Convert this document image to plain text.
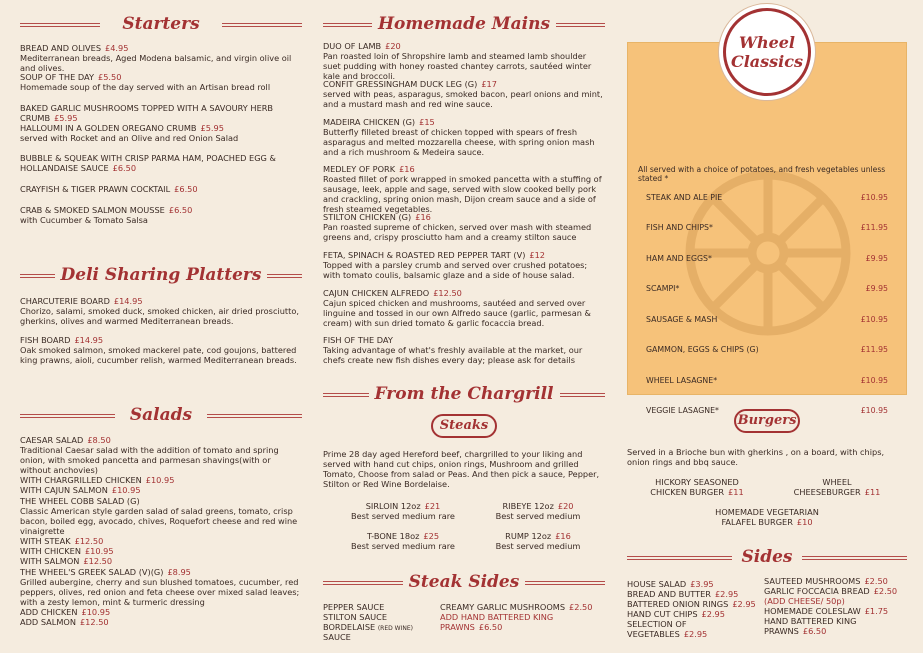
Starters
BREAD AND OLIVES £4.95
Mediterranean breads, Aged Modena balsamic, and virgin olive oil and olives.
SOUP OF THE DAY £5.50
Homemade soup of the day served with an Artisan bread roll
BAKED GARLIC MUSHROOMS TOPPED WITH A SAVOURY HERB CRUMB £5.95
HALLOUMI IN A GOLDEN OREGANO CRUMB £5.95
served with Rocket and an Olive and red Onion Salad
BUBBLE & SQUEAK WITH CRISP PARMA HAM, POACHED EGG & HOLLANDAISE SAUCE £6.50
CRAYFISH & TIGER PRAWN COCKTAIL £6.50
CRAB & SMOKED SALMON MOUSSE £6.50
with Cucumber & Tomato Salsa
Deli Sharing Platters
CHARCUTERIE BOARD £14.95
Chorizo, salami, smoked duck, smoked chicken, air dried prosciutto, gherkins, olives and warmed Mediterranean breads.
FISH BOARD £14.95
Oak smoked salmon, smoked mackerel pate, cod goujons, battered king prawns, aioli, cucumber relish, warmed Mediterranean breads.
Salads
CAESAR SALAD £8.50
Traditional Caesar salad with the addition of tomato and spring onion, with smoked pancetta and parmesan shavings(with or without anchovies)
WITH CHARGRILLED CHICKEN £10.95
WITH CAJUN SALMON £10.95
THE WHEEL COBB SALAD (G)
Classic American style garden salad of salad greens, tomato, crisp bacon, boiled egg, avocado, chives, Roquefort cheese and red wine vinaigrette
WITH STEAK £12.50
WITH CHICKEN £10.95
WITH SALMON £12.50
THE WHEEL'S GREEK SALAD (V)(G) £8.95
Grilled aubergine, cherry and sun blushed tomatoes, cucumber, red peppers, olives, red onion and feta cheese over mixed salad leaves; with a zesty lemon, mint & turmeric dressing
ADD CHICKEN £10.95
ADD SALMON £12.50
Homemade Mains
DUO OF LAMB £20
Pan roasted loin of Shropshire lamb and steamed lamb shoulder suet pudding with honey roasted chantey carrots, sautéed winter kale and broccoli.
CONFIT GRESSINGHAM DUCK LEG (G) £17
served with peas, asparagus, smoked bacon, pearl onions and mint, and a mustard mash and red wine sauce.
MADEIRA CHICKEN (G) £15
Butterfly filleted breast of chicken topped with spears of fresh asparagus and melted mozzarella cheese, with spring onion mash and a rich mushroom & Medeira sauce.
MEDLEY OF PORK £16
Roasted fillet of pork wrapped in smoked pancetta with a stuffing of sausage, leek, apple and sage, served with slow cooked belly pork and crackling, spring onion mash, Dijon cream sauce and a side of fresh steamed vegetables.
STILTON CHICKEN (G) £16
Pan roasted supreme of chicken, served over mash with steamed greens and, crispy prosciutto ham and a creamy stilton sauce
FETA, SPINACH & ROASTED RED PEPPER TART (V) £12
Topped with a parsley crumb and served over crushed potatoes; with tomato coulis, balsamic glaze and a side of house salad.
CAJUN CHICKEN ALFREDO £12.50
Cajun spiced chicken and mushrooms, sautéed and served over linguine and tossed in our own Alfredo sauce (garlic, parmesan & cream) with sun dried tomato & garlic focaccia bread.
FISH OF THE DAY
Taking advantage of what's freshly available at the market, our chefs create new fish dishes every day; please ask for details
From the Chargrill
Steaks
Prime 28 day aged Hereford beef, chargrilled to your liking and served with hand cut chips, onion rings, Mushroom and grilled Tomato, Choose from salad or Peas. And then pick a sauce, Pepper, Stilton or Red Wine Bordelaise.
SIRLOIN 12oz £21
Best served medium rare
RIBEYE 12oz £20
Best served medium
T-BONE 18oz £25
Best served medium rare
RUMP 12oz £16
Best served medium
Steak Sides
PEPPER SAUCE
STILTON SAUCE
BORDELAISE (RED WINE) SAUCE
CREAMY GARLIC MUSHROOMS £2.50
ADD HAND BATTERED KING PRAWNS £6.50
All served with a choice of potatoes, and fresh vegetables unless stated *
STEAK AND ALE PIE	£10.95
FISH AND CHIPS*	£11.95
HAM AND EGGS*	£9.95
SCAMPI*	£9.95
SAUSAGE & MASH	£10.95
GAMMON, EGGS & CHIPS (G)	£11.95
WHEEL LASAGNE*	£10.95
VEGGIE LASAGNE*	£10.95
Wheel
Classics
Burgers
Served in a Brioche bun with gherkins , on a board, with chips, onion rings and bbq sauce.
HICKORY SEASONED
CHICKEN BURGER £11
WHEEL
CHEESEBURGER £11
HOMEMADE VEGETARIAN
FALAFEL BURGER £10
Sides
HOUSE SALAD £3.95
BREAD AND BUTTER £2.95
BATTERED ONION RINGS £2.95
HAND CUT CHIPS £2.95
SELECTION OF VEGETABLES £2.95
SAUTEED MUSHROOMS £2.50
GARLIC FOCCACIA BREAD £2.50
(ADD CHEESE/ 50p)
HOMEMADE COLESLAW £1.75
HAND BATTERED KING PRAWNS £6.50
